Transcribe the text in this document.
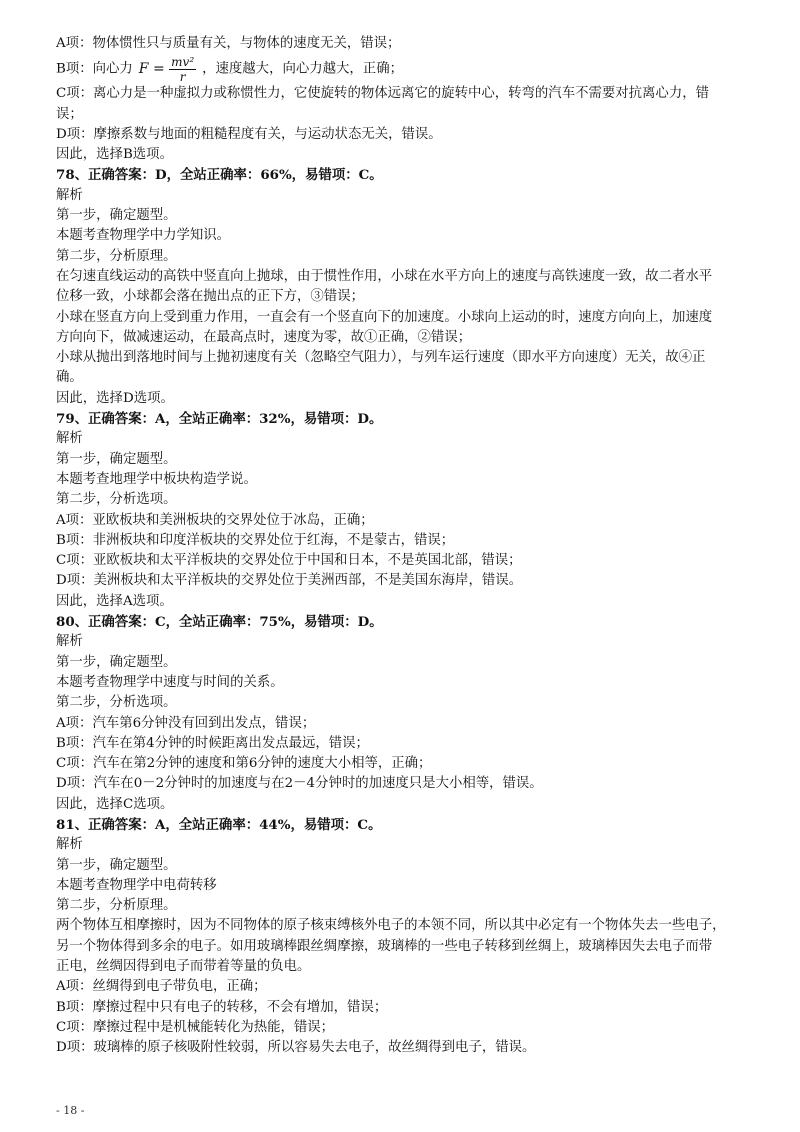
A项：物体惯性只与质量有关，与物体的速度无关，错误；
B项：向心力 $F = \frac{\text{mv²}}{r}$ ，速度越大，向心力越大，正确；
C项：离心力是一种虚拟力或称惯性力，它使旋转的物体远离它的旋转中心，转弯的汽车不需要对抗离心力，错
误；
D项：摩擦系数与地面的粗糙程度有关，与运动状态无关，错误。
因此，选择B选项。
78、正确答案：D，全站正确率：66%，易错项：C。
解析
第一步，确定题型。
本题考查物理学中力学知识。
第二步，分析原理。
在匀速直线运动的高铁中竖直向上抛球，由于惯性作用，小球在水平方向上的速度与高铁速度一致，故二者水平
位移一致，小球都会落在抛出点的正下方，③错误；
小球在竖直方向上受到重力作用，一直会有一个竖直向下的加速度。小球向上运动的时，速度方向向上，加速度
方向向下，做减速运动，在最高点时，速度为零，故①正确，②错误；
小球从抛出到落地时间与上抛初速度有关（忽略空气阻力），与列车运行速度（即水平方向速度）无关，故④正
确。
因此，选择D选项。
79、正确答案：A，全站正确率：32%，易错项：D。
解析
第一步，确定题型。
本题考查地理学中板块构造学说。
第二步，分析选项。
A项：亚欧板块和美洲板块的交界处位于冰岛，正确；
B项：非洲板块和印度洋板块的交界处位于红海，不是蒙古，错误；
C项：亚欧板块和太平洋板块的交界处位于中国和日本，不是英国北部，错误；
D项：美洲板块和太平洋板块的交界处位于美洲西部，不是美国东海岸，错误。
因此，选择A选项。
80、正确答案：C，全站正确率：75%，易错项：D。
解析
第一步，确定题型。
本题考查物理学中速度与时间的关系。
第二步，分析选项。
A项：汽车第6分钟没有回到出发点，错误；
B项：汽车在第4分钟的时候距离出发点最远，错误；
C项：汽车在第2分钟的速度和第6分钟的速度大小相等，正确；
D项：汽车在0－2分钟时的加速度与在2－4分钟时的加速度只是大小相等，错误。
因此，选择C选项。
81、正确答案：A，全站正确率：44%，易错项：C。
解析
第一步，确定题型。
本题考查物理学中电荷转移
第二步，分析原理。
两个物体互相摩擦时，因为不同物体的原子核束缚核外电子的本领不同，所以其中必定有一个物体失去一些电子，
另一个物体得到多余的电子。如用玻璃棒跟丝绸摩擦，玻璃棒的一些电子转移到丝绸上，玻璃棒因失去电子而带
正电，丝绸因得到电子而带着等量的负电。
A项：丝绸得到电子带负电，正确；
B项：摩擦过程中只有电子的转移，不会有增加，错误；
C项：摩擦过程中是机械能转化为热能，错误；
D项：玻璃棒的原子核吸附性较弱，所以容易失去电子，故丝绸得到电子，错误。
- 18 -
